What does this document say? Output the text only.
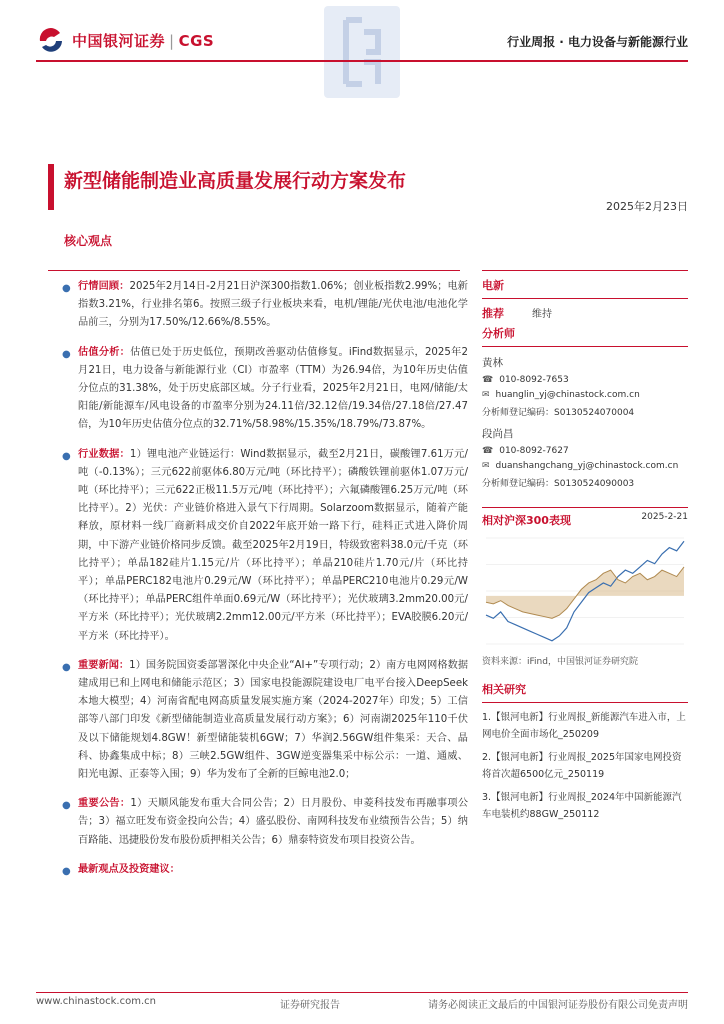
中国银河证券 | CGS	行业周报 · 电力设备与新能源行业
新型储能制造业高质量发展行动方案发布
2025年2月23日
核心观点
● 行情回顾：2025年2月14日-2月21日沪深300指数1.06%；创业板指数2.99%；电新指数3.21%，行业排名第6。按照三级子行业板块来看，电机/锂能/光伏电池/电池化学品前三，分别为17.50%/12.66%/8.55%。
● 估值分析：估值已处于历史低位，预期改善驱动估值修复。iFind数据显示，2025年2月21日，电力设备与新能源行业（CI）市盈率（TTM）为26.94倍，为10年历史估值分位点的31.38%，处于历史底部区域。分子行业看，2025年2月21日，电网/储能/太阳能/新能源车/风电设备的市盈率分别为24.11倍/32.12倍/19.34倍/27.18倍/27.47倍，为10年历史估值分位点的32.71%/58.98%/15.35%/18.79%/73.87%。
● 行业数据：1）锂电池产业链运行：Wind数据显示，截至2月21日，碳酸锂7.61万元/吨（-0.13%）；三元622前驱体6.80万元/吨（环比持平）；磷酸铁锂前驱体1.07万元/吨（环比持平）；三元622正极11.5万元/吨（环比持平）；六氟磷酸锂6.25万元/吨（环比持平）。2）光伏：产业链价格进入景气下行周期。Solarzoom数据显示，随着产能释放，原材料一线厂商新料成交价自2022年底开始一路下行，硅料正式进入降价周期，中下游产业链价格同步反馈。截至2025年2月19日，特级致密料38.0元/千克（环比持平）；单晶182硅片1.15元/片（环比持平）；单晶210硅片1.70元/片（环比持平）；单晶PERC182电池片0.29元/W（环比持平）；单晶PERC210电池片0.29元/W（环比持平）；单晶PERC组件单面0.69元/W（环比持平）；光伏玻璃3.2mm20.00元/平方米（环比持平）；光伏玻璃2.2mm12.00元/平方米（环比持平）；EVA胶膜6.20元/平方米（环比持平）。
● 重要新闻：1）国务院国资委部署深化中央企业“AI+”专项行动；2）南方电网网格数据建成用已和上网电和储能示范区；3）国家电投能源院建设电厂电平台接入DeepSeek本地大模型；4）河南省配电网高质量发展实施方案（2024-2027年）印发；5）工信部等八部门印发《新型储能制造业高质量发展行动方案》；6）河南湖2025年110千伏及以下储能规划4.8GW！新型储能装机6GW；7）华润2.56GW组件集采：天合、晶科、协鑫集成中标；8）三峡2.5GW组件、3GW逆变器集采中标公示：一道、通威、阳光电源、正泰等入围；9）华为发布了全新的巨鲸电池2.0；
● 重要公告：1）天顺风能发布重大合同公告；2）日月股份、申菱科技发布再融事项公告；3）福立旺发布资金投向公告；4）盛弘股份、南网科技发布业绩预告公告；5）纳百路能、迅捷股份发布股份质押相关公告；6）鼎泰特资发布项目投资公告。
● 最新观点及投资建议：
电新
推荐	维持
分析师
黄林
☎ 010-8092-7653
✉ huanglin_yj@chinastock.com.cn
分析师登记编码：S0130524070004
段尚昌
☎ 010-8092-7627
✉ duanshangchang_yj@chinastock.com.cn
分析师登记编码：S0130524090003
相对沪深300表现	2025-2-21
资料来源：iFind，中国银河证券研究院
相关研究
1.【银河电新】行业周报_新能源汽车进入市，上网电价全面市场化_250209
2.【银河电新】行业周报_2025年国家电网投资将首次超6500亿元_250119
3.【银河电新】行业周报_2024年中国新能源汽车电装机约88GW_250112
www.chinastock.com.cn	证券研究报告	请务必阅读正文最后的中国银河证券股份有限公司免责声明
